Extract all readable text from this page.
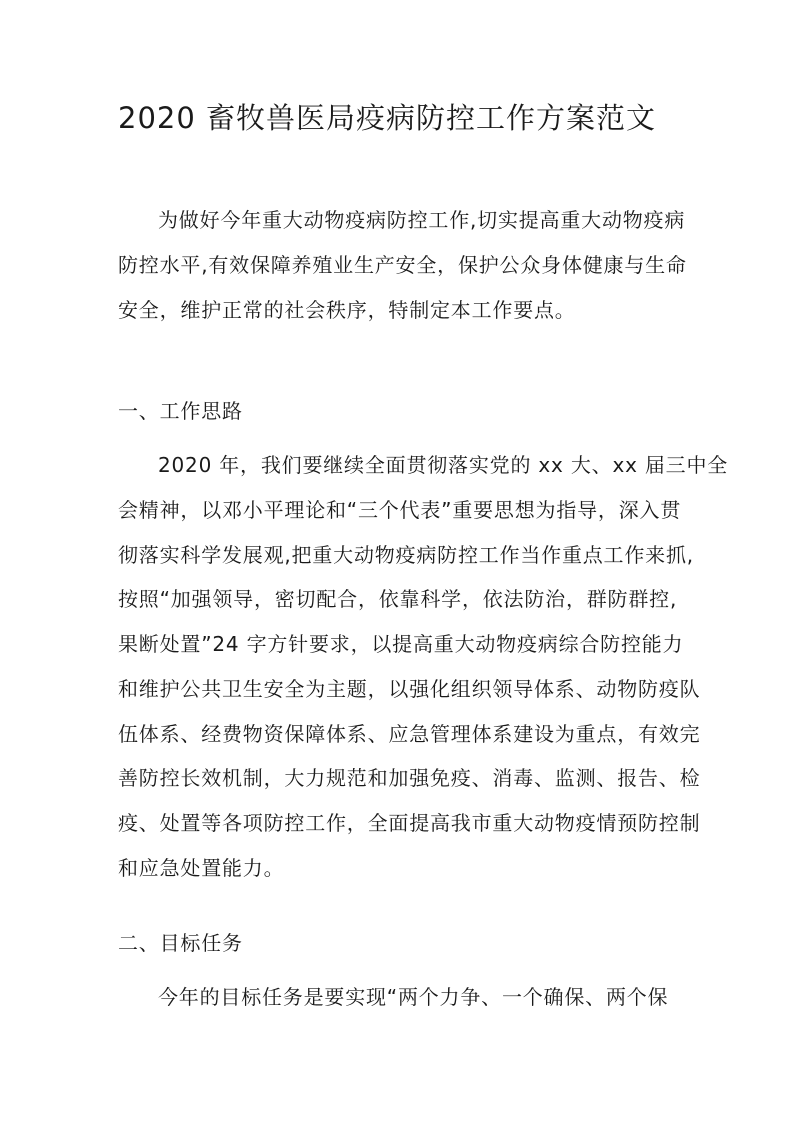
2020 畜牧兽医局疫病防控工作方案范文
为做好今年重大动物疫病防控工作,切实提高重大动物疫病
防控水平,有效保障养殖业生产安全，保护公众身体健康与生命
安全，维护正常的社会秩序，特制定本工作要点。
一、工作思路
2020 年，我们要继续全面贯彻落实党的 xx 大、xx 届三中全
会精神，以邓小平理论和“三个代表”重要思想为指导，深入贯
彻落实科学发展观,把重大动物疫病防控工作当作重点工作来抓,
按照“加强领导，密切配合，依靠科学，依法防治，群防群控,
果断处置”24 字方针要求，以提高重大动物疫病综合防控能力
和维护公共卫生安全为主题，以强化组织领导体系、动物防疫队
伍体系、经费物资保障体系、应急管理体系建设为重点，有效完
善防控长效机制，大力规范和加强免疫、消毒、监测、报告、检
疫、处置等各项防控工作，全面提高我市重大动物疫情预防控制
和应急处置能力。
二、目标任务
今年的目标任务是要实现“两个力争、一个确保、两个保
